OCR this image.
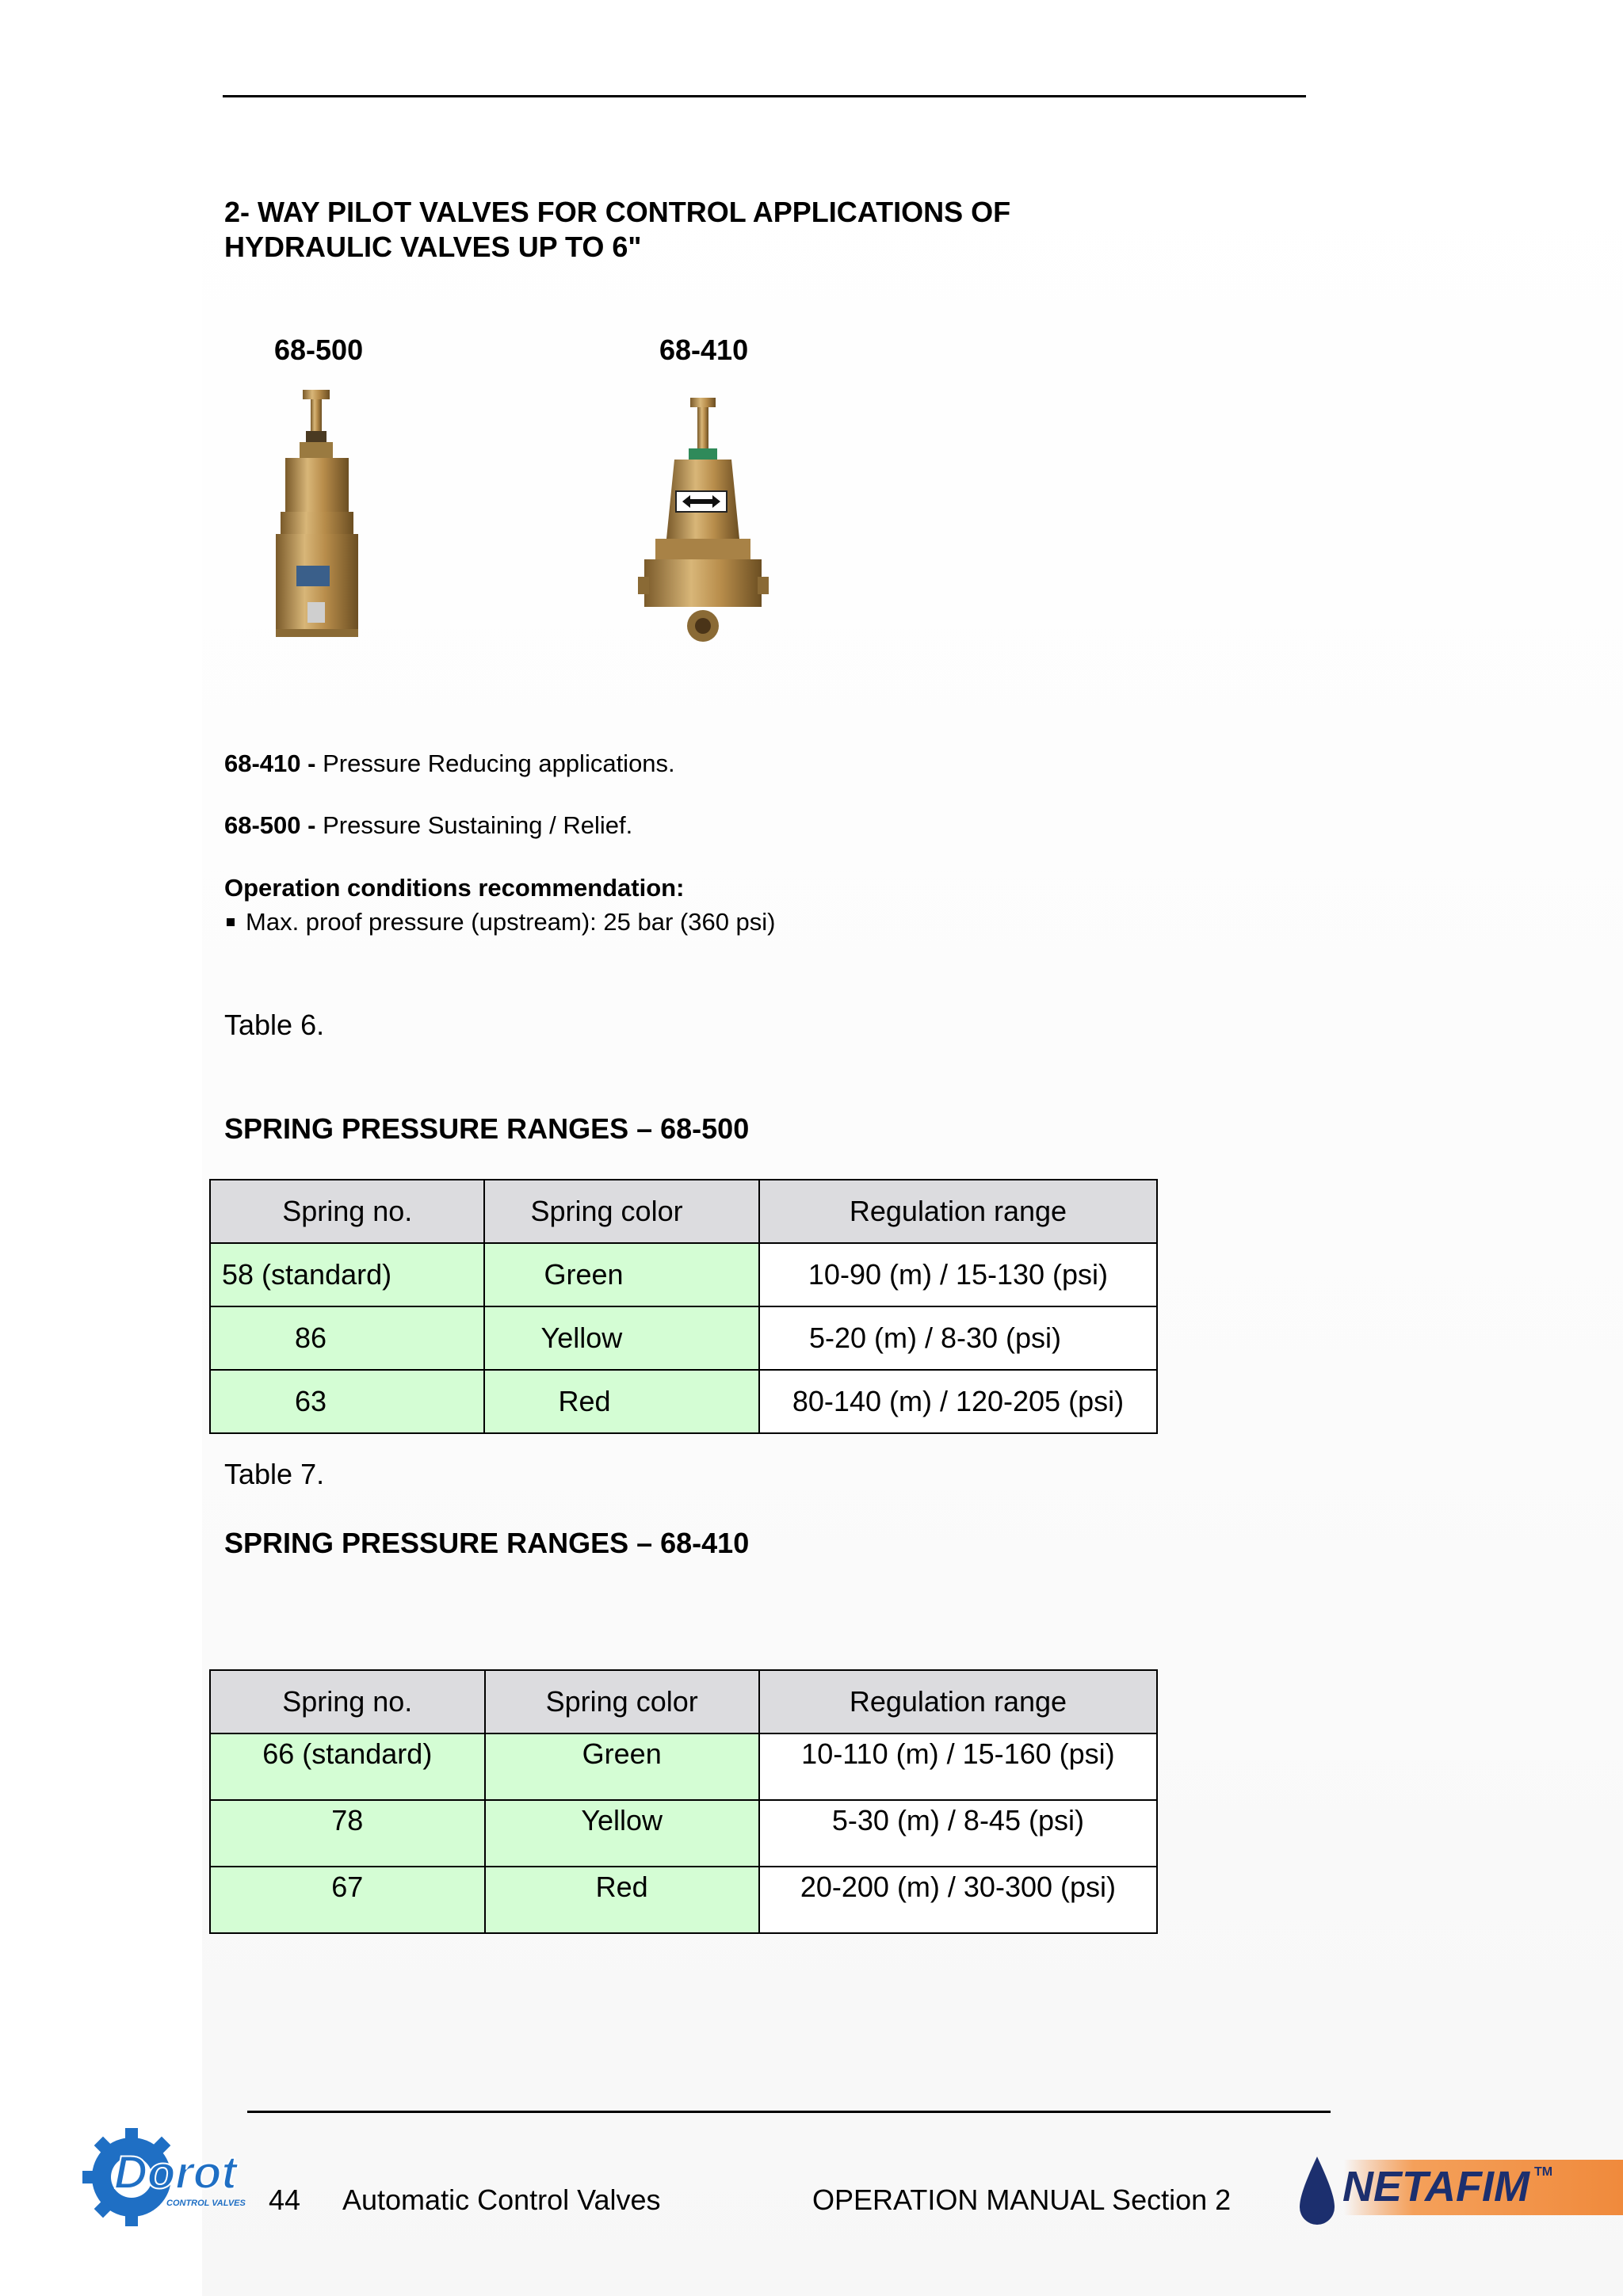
2- WAY PILOT VALVES FOR CONTROL APPLICATIONS OF
HYDRAULIC VALVES UP TO 6"
68-500	68-410
68-410 - Pressure Reducing applications.
68-500 - Pressure Sustaining / Relief.
Operation conditions recommendation:
Max. proof pressure (upstream): 25 bar (360 psi)
Table 6.
SPRING PRESSURE RANGES – 68-500
Spring no.	Spring color	Regulation range
58 (standard)	Green	10-90 (m) / 15-130 (psi)
86	Yellow	5-20 (m) / 8-30 (psi)
63	Red	80-140 (m) / 120-205 (psi)
Table 7.
SPRING PRESSURE RANGES – 68-410
Spring no.	Spring color	Regulation range
66 (standard)	Green	10-110 (m) / 15-160 (psi)
78	Yellow	5-30 (m) / 8-45 (psi)
67	Red	20-200 (m) / 30-300 (psi)
Dorot
CONTROL VALVES 44 Automatic Control Valves	OPERATION MANUAL Section 2	NETAFIM TM
